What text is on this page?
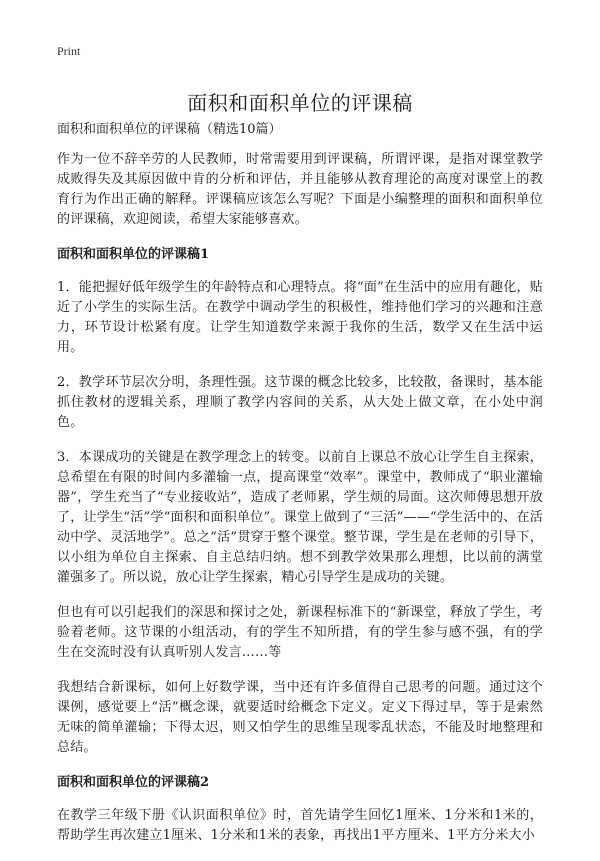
Print
面积和面积单位的评课稿
面积和面积单位的评课稿（精选10篇）

作为一位不辞辛劳的人民教师，时常需要用到评课稿，所谓评课，是指对课堂教学成败得失及其原因做中肯的分析和评估，并且能够从教育理论的高度对课堂上的教育行为作出正确的解释。评课稿应该怎么写呢？下面是小编整理的面积和面积单位的评课稿，欢迎阅读，希望大家能够喜欢。

面积和面积单位的评课稿1

1．能把握好低年级学生的年龄特点和心理特点。将“面”在生活中的应用有趣化，贴近了小学生的实际生活。在教学中调动学生的积极性，维持他们学习的兴趣和注意力，环节设计松紧有度。让学生知道数学来源于我你的生活，数学又在生活中运用。

2．教学环节层次分明，条理性强。这节课的概念比较多，比较散，备课时，基本能抓住教材的逻辑关系，理顺了教学内容间的关系，从大处上做文章，在小处中润色。

3．本课成功的关键是在教学理念上的转变。以前自上课总不放心让学生自主探索，总希望在有限的时间内多灌输一点，提高课堂“效率”。课堂中，教师成了“职业灌输器”，学生充当了“专业接收站”，造成了老师累，学生烦的局面。这次师傅思想开放了，让学生“活”学“面积和面积单位”。课堂上做到了“三活”——“学生活中的、在活动中学、灵活地学”。总之“活”贯穿于整个课堂。整节课，学生是在老师的引导下，以小组为单位自主探索、自主总结归纳。想不到教学效果那么理想，比以前的满堂灌强多了。所以说，放心让学生探索，精心引导学生是成功的关键。

但也有可以引起我们的深思和探讨之处，新课程标准下的“新课堂，释放了学生，考验着老师。这节课的小组活动，有的学生不知所措，有的学生参与感不强，有的学生在交流时没有认真听别人发言……等

我想结合新课标，如何上好数学课，当中还有许多值得自己思考的问题。通过这个课例，感觉要上“活”概念课，就要适时给概念下定义。定义下得过早，等于是索然无味的简单灌输；下得太迟，则又怕学生的思维呈现零乱状态，不能及时地整理和总结。

面积和面积单位的评课稿2

在教学三年级下册《认识面积单位》时，首先请学生回忆1厘米、1分米和1米的，帮助学生再次建立1厘米、1分米和1米的表象，再找出1平方厘米、1平方分米大小
